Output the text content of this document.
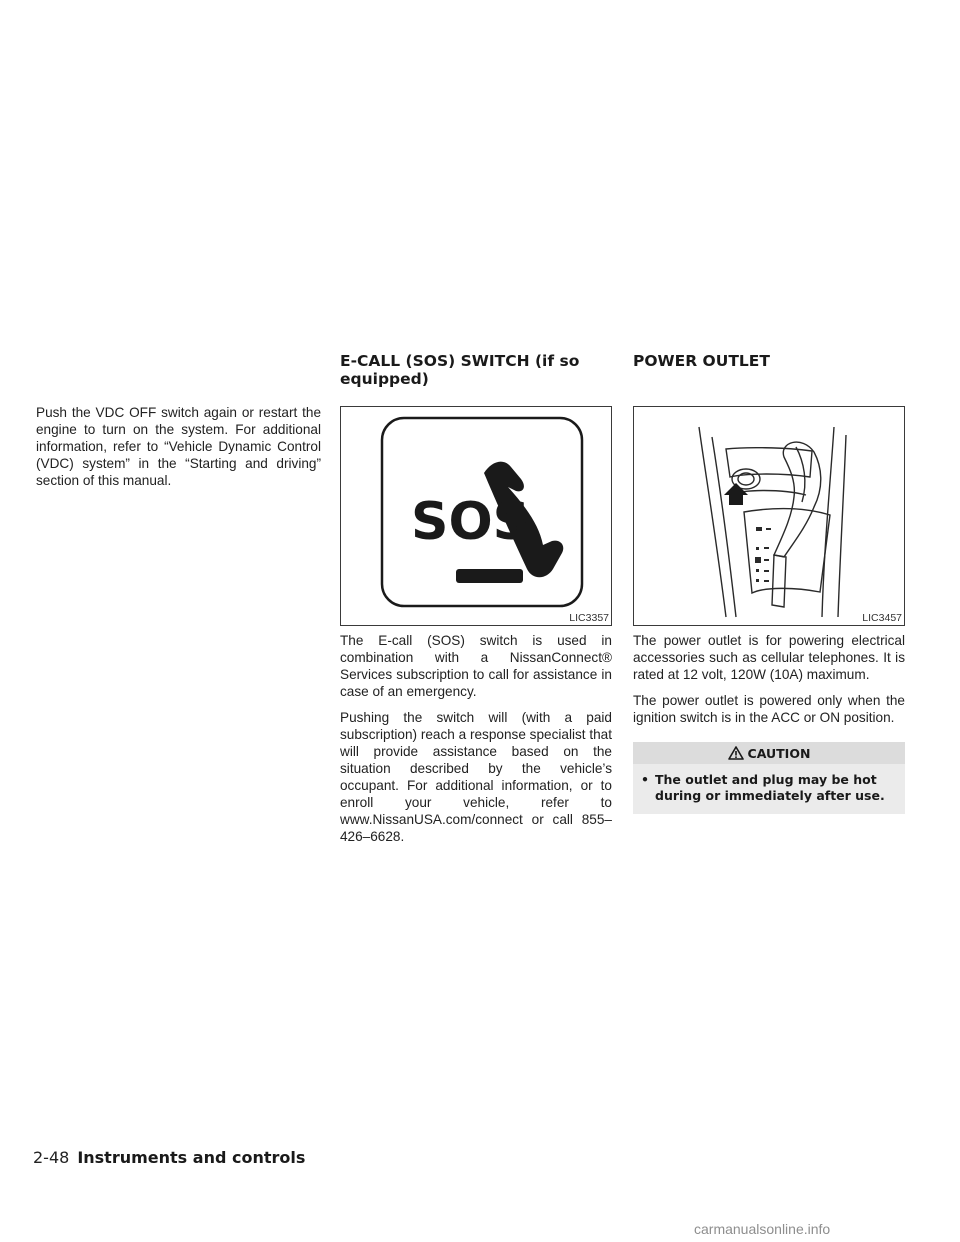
Push the VDC OFF switch again or restart the engine to turn on the system. For additional information, refer to “Vehicle Dynamic Control (VDC) system” in the “Starting and driving” section of this manual.

E-CALL (SOS) SWITCH (if so equipped)
SOS
LIC3357

The E-call (SOS) switch is used in combination with a NissanConnect® Services subscription to call for assistance in case of an emergency.

Pushing the switch will (with a paid subscription) reach a response specialist that will provide assistance based on the situation described by the vehicle’s occupant. For additional information, or to enroll your vehicle, refer to www.NissanUSA.com/connect or call 855–426–6628.

POWER OUTLET
LIC3457

The power outlet is for powering electrical accessories such as cellular telephones. It is rated at 12 volt, 120W (10A) maximum.

The power outlet is powered only when the ignition switch is in the ACC or ON position.

CAUTION
• The outlet and plug may be hot during or immediately after use.
2-48 Instruments and controls
carmanualsonline.info
